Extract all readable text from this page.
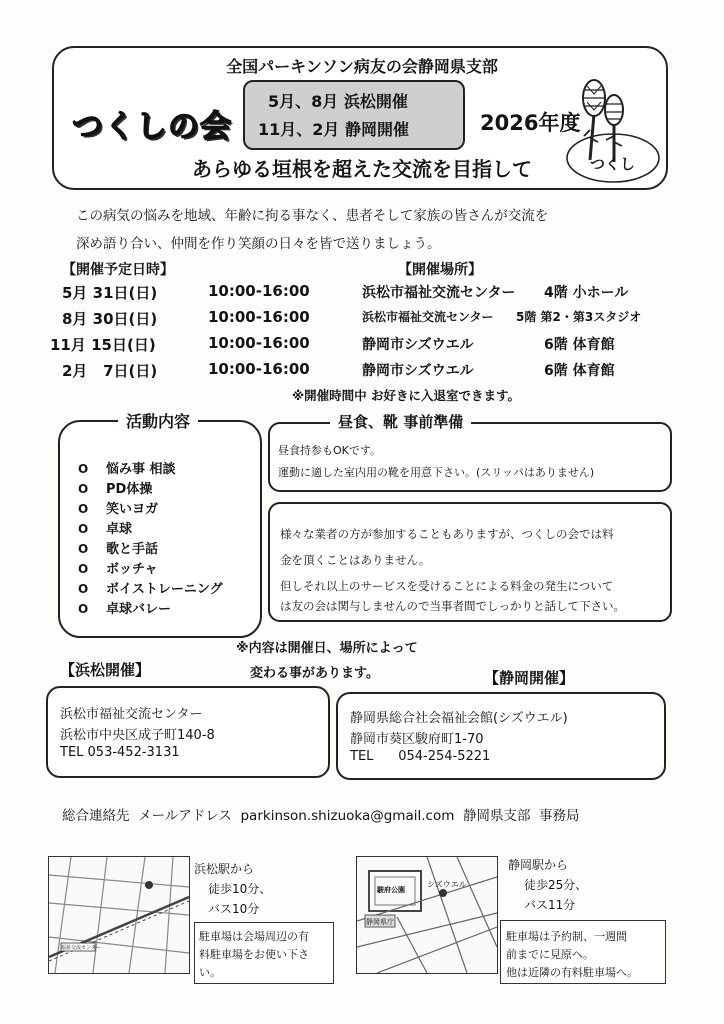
全国パーキンソン病友の会静岡県支部
つくしの会
5月、8月 浜松開催
11月、2月 静岡開催	2026年度
あらゆる垣根を超えた交流を目指して	つくし
この病気の悩みを地域、年齢に拘る事なく、患者そして家族の皆さんが交流を
深め語り合い、仲間を作り笑顔の日々を皆で送りましょう。
【開催予定日時】	【開催場所】
5月 31日(日)	10:00-16:00	浜松市福祉交流センター 4階 小ホール
8月 30日(日)	10:00-16:00	浜松市福祉交流センター 5階 第2・第3スタジオ
11月 15日(日)	10:00-16:00	静岡市シズウエル	6階 体育館
2月   7日(日)	10:00-16:00	静岡市シズウエル	6階 体育館
※開催時間中 お好きに入退室できます。
活動内容
O 悩み事 相談
O PD体操
O 笑いヨガ
O 卓球
O 歌と手話
O ボッチャ
O ボイストレーニング
O 卓球バレー
昼食、靴 事前準備
昼食持参もOKです。
運動に適した室内用の靴を用意下さい。(スリッパはありません)
様々な業者の方が参加することもありますが、つくしの会では料
金を頂くことはありません。
但しそれ以上のサービスを受けることによる料金の発生について
は友の会は関与しませんので当事者間でしっかりと話して下さい。
※内容は開催日、場所によって
変わる事があります。
【浜松開催】
浜松市福祉交流センター
浜松市中央区成子町140-8
TEL 053-452-3131
【静岡開催】
静岡県総合社会福祉会館(シズウエル)
静岡市葵区駿府町1-70
TEL      054-254-5221
総合連絡先  メールアドレス  parkinson.shizuoka@gmail.com  静岡県支部  事務局
福祉交流センター
浜松駅から
徒歩10分、
バス10分
駐車場は会場周辺の有
料駐車場をお使い下さ
い。
駿府公園
シズウエル
静岡県庁
静岡駅から
徒歩25分、
バス11分
駐車場は予約制、一週間
前までに見原へ。
他は近隣の有料駐車場へ。
